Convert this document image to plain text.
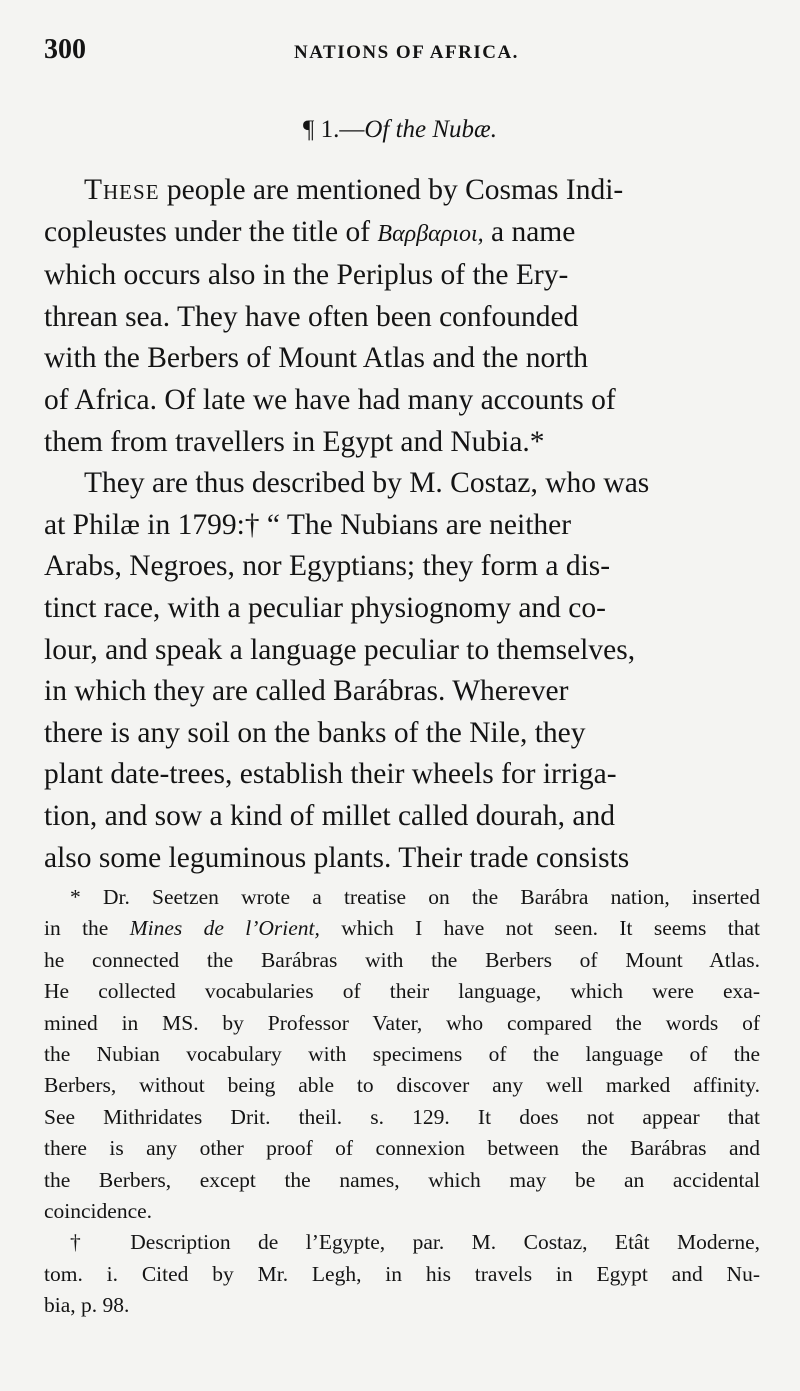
300	NATIONS OF AFRICA.
¶ 1.—Of the Nubæ.
These people are mentioned by Cosmas Indi- copleustes under the title of Βαρβαριοι, a name which occurs also in the Periplus of the Ery- threan sea. They have often been confounded with the Berbers of Mount Atlas and the north of Africa. Of late we have had many accounts of them from travellers in Egypt and Nubia.*
They are thus described by M. Costaz, who was at Philæ in 1799:† “ The Nubians are neither Arabs, Negroes, nor Egyptians; they form a dis- tinct race, with a peculiar physiognomy and co- lour, and speak a language peculiar to themselves, in which they are called Barábras. Wherever there is any soil on the banks of the Nile, they plant date-trees, establish their wheels for irriga- tion, and sow a kind of millet called dourah, and also some leguminous plants. Their trade consists
* Dr. Seetzen wrote a treatise on the Barábra nation, inserted
in the Mines de l’Orient, which I have not seen. It seems that
he connected the Barábras with the Berbers of Mount Atlas.
He collected vocabularies of their language, which were exa-
mined in MS. by Professor Vater, who compared the words of
the Nubian vocabulary with specimens of the language of the
Berbers, without being able to discover any well marked affinity.
See Mithridates Drit. theil. s. 129. It does not appear that
there is any other proof of connexion between the Barábras and
the Berbers, except the names, which may be an accidental
coincidence.
† Description de l’Egypte, par. M. Costaz, Etât Moderne,
tom. i. Cited by Mr. Legh, in his travels in Egypt and Nu-
bia, p. 98.
